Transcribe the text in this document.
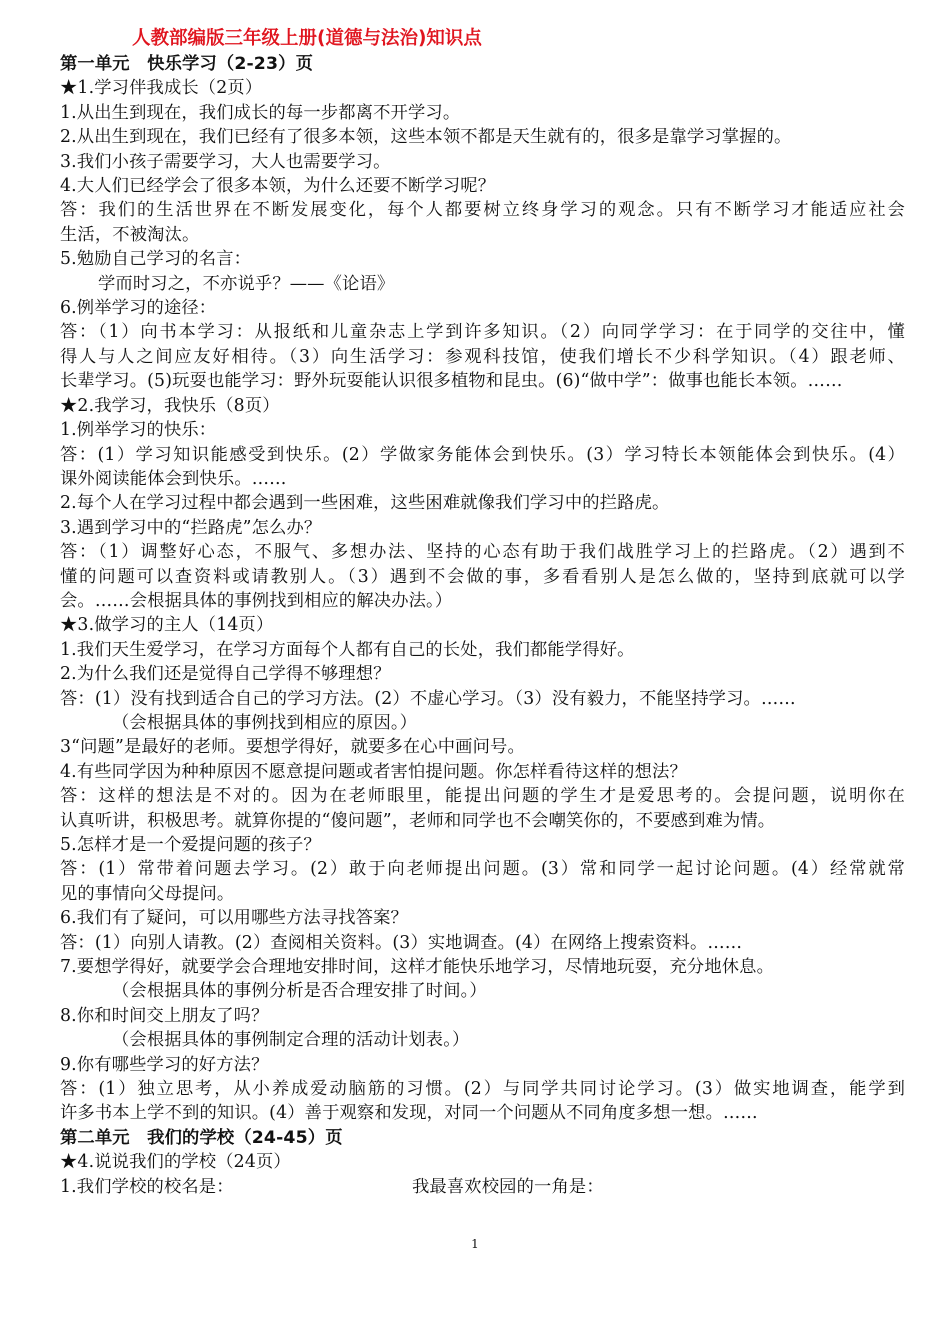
人教部编版三年级上册(道德与法治)知识点
第一单元　快乐学习（2-23）页
★1.学习伴我成长（2页）
1.从出生到现在，我们成长的每一步都离不开学习。
2.从出生到现在，我们已经有了很多本领，这些本领不都是天生就有的，很多是靠学习掌握的。
3.我们小孩子需要学习，大人也需要学习。
4.大人们已经学会了很多本领，为什么还要不断学习呢？
答：我们的生活世界在不断发展变化，每个人都要树立终身学习的观念。只有不断学习才能适应社会
生活，不被淘汰。
5.勉励自己学习的名言：
学而时习之，不亦说乎？——《论语》
6.例举学习的途径：
答：（1）向书本学习：从报纸和儿童杂志上学到许多知识。（2）向同学学习：在于同学的交往中，懂
得人与人之间应友好相待。（3）向生活学习：参观科技馆，使我们增长不少科学知识。（4）跟老师、
长辈学习。(5)玩耍也能学习：野外玩耍能认识很多植物和昆虫。(6)“做中学”：做事也能长本领。……
★2.我学习，我快乐（8页）
1.例举学习的快乐：
答：(1）学习知识能感受到快乐。(2）学做家务能体会到快乐。(3）学习特长本领能体会到快乐。(4）
课外阅读能体会到快乐。……
2.每个人在学习过程中都会遇到一些困难，这些困难就像我们学习中的拦路虎。
3.遇到学习中的“拦路虎”怎么办？
答：（1）调整好心态，不服气、多想办法、坚持的心态有助于我们战胜学习上的拦路虎。（2）遇到不
懂的问题可以查资料或请教别人。（3）遇到不会做的事，多看看别人是怎么做的，坚持到底就可以学
会。……会根据具体的事例找到相应的解决办法。）
★3.做学习的主人（14页）
1.我们天生爱学习，在学习方面每个人都有自己的长处，我们都能学得好。
2.为什么我们还是觉得自己学得不够理想？
答：(1）没有找到适合自己的学习方法。(2）不虚心学习。（3）没有毅力，不能坚持学习。……
（会根据具体的事例找到相应的原因。）
3“问题”是最好的老师。要想学得好，就要多在心中画问号。
4.有些同学因为种种原因不愿意提问题或者害怕提问题。你怎样看待这样的想法？
答：这样的想法是不对的。因为在老师眼里，能提出问题的学生才是爱思考的。会提问题，说明你在
认真听讲，积极思考。就算你提的“傻问题”，老师和同学也不会嘲笑你的，不要感到难为情。
5.怎样才是一个爱提问题的孩子？
答：(1）常带着问题去学习。(2）敢于向老师提出问题。(3）常和同学一起讨论问题。(4）经常就常
见的事情向父母提问。
6.我们有了疑问，可以用哪些方法寻找答案？
答：(1）向别人请教。(2）查阅相关资料。(3）实地调查。(4）在网络上搜索资料。……
7.要想学得好，就要学会合理地安排时间，这样才能快乐地学习，尽情地玩耍，充分地休息。
（会根据具体的事例分析是否合理安排了时间。）
8.你和时间交上朋友了吗？
（会根据具体的事例制定合理的活动计划表。）
9.你有哪些学习的好方法？
答：(1）独立思考，从小养成爱动脑筋的习惯。(2）与同学共同讨论学习。(3）做实地调查，能学到
许多书本上学不到的知识。(4）善于观察和发现，对同一个问题从不同角度多想一想。……
第二单元　我们的学校（24-45）页
★4.说说我们的学校（24页）
1.我们学校的校名是：	我最喜欢校园的一角是：
1
